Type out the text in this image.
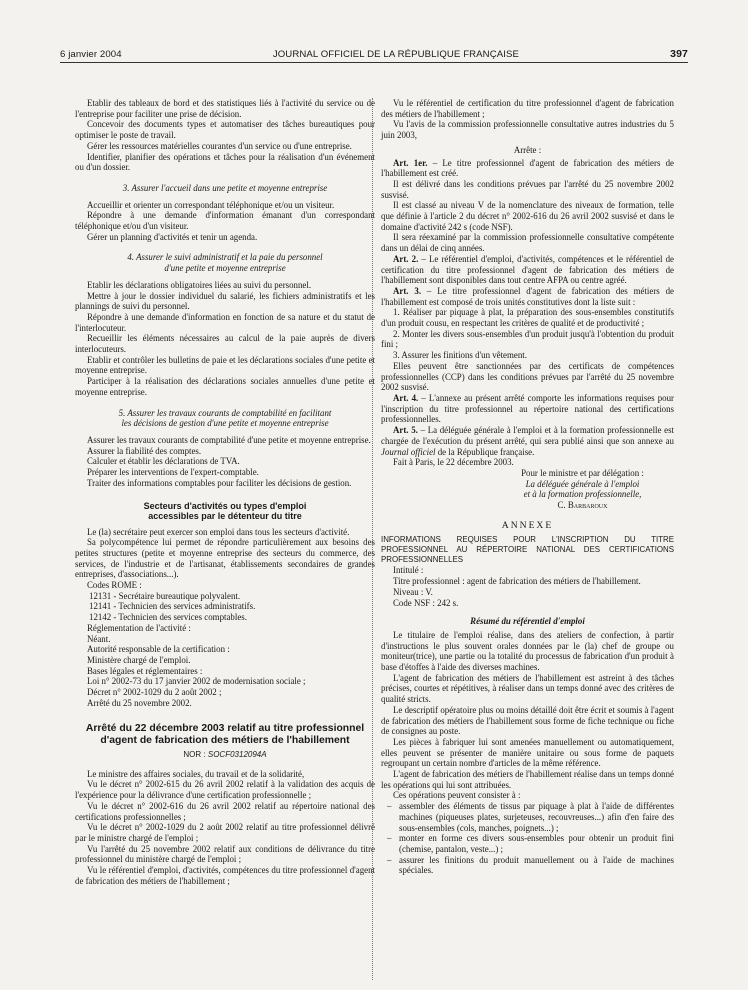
6 janvier 2004	JOURNAL OFFICIEL DE LA RÉPUBLIQUE FRANÇAISE	397

Etablir des tableaux de bord et des statistiques liés à l'activité du service ou de l'entreprise pour faciliter une prise de décision.

Concevoir des documents types et automatiser des tâches bureautiques pour optimiser le poste de travail.

Gérer les ressources matérielles courantes d'un service ou d'une entreprise.

Identifier, planifier des opérations et tâches pour la réalisation d'un événement ou d'un dossier.

3. Assurer l'accueil dans une petite et moyenne entreprise

Accueillir et orienter un correspondant téléphonique et/ou un visiteur.

Répondre à une demande d'information émanant d'un correspondant téléphonique et/ou d'un visiteur.

Gérer un planning d'activités et tenir un agenda.

4. Assurer le suivi administratif et la paie du personnel
d'une petite et moyenne entreprise

Etablir les déclarations obligatoires liées au suivi du personnel.

Mettre à jour le dossier individuel du salarié, les fichiers administratifs et les plannings de suivi du personnel.

Répondre à une demande d'information en fonction de sa nature et du statut de l'interlocuteur.

Recueillir les éléments nécessaires au calcul de la paie auprès de divers interlocuteurs.

Etablir et contrôler les bulletins de paie et les déclarations sociales d'une petite et moyenne entreprise.

Participer à la réalisation des déclarations sociales annuelles d'une petite et moyenne entreprise.

5. Assurer les travaux courants de comptabilité en facilitant
les décisions de gestion d'une petite et moyenne entreprise

Assurer les travaux courants de comptabilité d'une petite et moyenne entreprise.

Assurer la fiabilité des comptes.

Calculer et établir les déclarations de TVA.

Préparer les interventions de l'expert-comptable.

Traiter des informations comptables pour faciliter les décisions de gestion.

Secteurs d'activités ou types d'emploi
accessibles par le détenteur du titre

Le (la) secrétaire peut exercer son emploi dans tous les secteurs d'activité.

Sa polycompétence lui permet de répondre particulièrement aux besoins des petites structures (petite et moyenne entreprise des secteurs du commerce, des services, de l'industrie et de l'artisanat, établissements secondaires de grandes entreprises, d'associations...).

Codes ROME :

12131 - Secrétaire bureautique polyvalent.

12141 - Technicien des services administratifs.

12142 - Technicien des services comptables.

Réglementation de l'activité :

Néant.

Autorité responsable de la certification :

Ministère chargé de l'emploi.

Bases légales et réglementaires :

Loi n° 2002-73 du 17 janvier 2002 de modernisation sociale ;

Décret n° 2002-1029 du 2 août 2002 ;

Arrêté du 25 novembre 2002.

Arrêté du 22 décembre 2003 relatif au titre professionnel d'agent de fabrication des métiers de l'habillement

NOR : SOCF0312094A

Le ministre des affaires sociales, du travail et de la solidarité,

Vu le décret n° 2002-615 du 26 avril 2002 relatif à la validation des acquis de l'expérience pour la délivrance d'une certification professionnelle ;

Vu le décret n° 2002-616 du 26 avril 2002 relatif au répertoire national des certifications professionnelles ;

Vu le décret n° 2002-1029 du 2 août 2002 relatif au titre professionnel délivré par le ministre chargé de l'emploi ;

Vu l'arrêté du 25 novembre 2002 relatif aux conditions de délivrance du titre professionnel du ministère chargé de l'emploi ;

Vu le référentiel d'emploi, d'activités, compétences du titre professionnel d'agent de fabrication des métiers de l'habillement ;

Vu le référentiel de certification du titre professionnel d'agent de fabrication des métiers de l'habillement ;

Vu l'avis de la commission professionnelle consultative autres industries du 5 juin 2003,

Arrête :

Art. 1er. – Le titre professionnel d'agent de fabrication des métiers de l'habillement est créé.

Il est délivré dans les conditions prévues par l'arrêté du 25 novembre 2002 susvisé.

Il est classé au niveau V de la nomenclature des niveaux de formation, telle que définie à l'article 2 du décret n° 2002-616 du 26 avril 2002 susvisé et dans le domaine d'activité 242 s (code NSF).

Il sera réexaminé par la commission professionnelle consultative compétente dans un délai de cinq années.

Art. 2. – Le référentiel d'emploi, d'activités, compétences et le référentiel de certification du titre professionnel d'agent de fabrication des métiers de l'habillement sont disponibles dans tout centre AFPA ou centre agréé.

Art. 3. – Le titre professionnel d'agent de fabrication des métiers de l'habillement est composé de trois unités constitutives dont la liste suit :

1. Réaliser par piquage à plat, la préparation des sous-ensembles constitutifs d'un produit cousu, en respectant les critères de qualité et de productivité ;

2. Monter les divers sous-ensembles d'un produit jusqu'à l'obtention du produit fini ;

3. Assurer les finitions d'un vêtement.

Elles peuvent être sanctionnées par des certificats de compétences professionnelles (CCP) dans les conditions prévues par l'arrêté du 25 novembre 2002 susvisé.

Art. 4. – L'annexe au présent arrêté comporte les informations requises pour l'inscription du titre professionnel au répertoire national des certifications professionnelles.

Art. 5. – La déléguée générale à l'emploi et à la formation professionnelle est chargée de l'exécution du présent arrêté, qui sera publié ainsi que son annexe au Journal officiel de la République française.

Fait à Paris, le 22 décembre 2003.

Pour le ministre et par délégation :
La déléguée générale à l'emploi
et à la formation professionnelle,
C. Barbaroux

ANNEXE

INFORMATIONS REQUISES POUR L'INSCRIPTION DU TITRE PROFESSIONNEL AU RÉPERTOIRE NATIONAL DES CERTIFICATIONS PROFESSIONNELLES

Intitulé :

Titre professionnel : agent de fabrication des métiers de l'habillement.

Niveau : V.

Code NSF : 242 s.

Résumé du référentiel d'emploi

Le titulaire de l'emploi réalise, dans des ateliers de confection, à partir d'instructions le plus souvent orales données par le (la) chef de groupe ou moniteur(trice), une partie ou la totalité du processus de fabrication d'un produit à base d'étoffes à l'aide des diverses machines.

L'agent de fabrication des métiers de l'habillement est astreint à des tâches précises, courtes et répétitives, à réaliser dans un temps donné avec des critères de qualité stricts.

Le descriptif opératoire plus ou moins détaillé doit être écrit et soumis à l'agent de fabrication des métiers de l'habillement sous forme de fiche technique ou fiche de consignes au poste.

Les pièces à fabriquer lui sont amenées manuellement ou automatiquement, elles peuvent se présenter de manière unitaire ou sous forme de paquets regroupant un certain nombre d'articles de la même référence.

L'agent de fabrication des métiers de l'habillement réalise dans un temps donné les opérations qui lui sont attribuées.

Ces opérations peuvent consister à :

– assembler des éléments de tissus par piquage à plat à l'aide de différentes machines (piqueuses plates, surjeteuses, recouvreuses...) afin d'en faire des sous-ensembles (cols, manches, poignets...) ;
– monter en forme ces divers sous-ensembles pour obtenir un produit fini (chemise, pantalon, veste...) ;
– assurer les finitions du produit manuellement ou à l'aide de machines spéciales.
